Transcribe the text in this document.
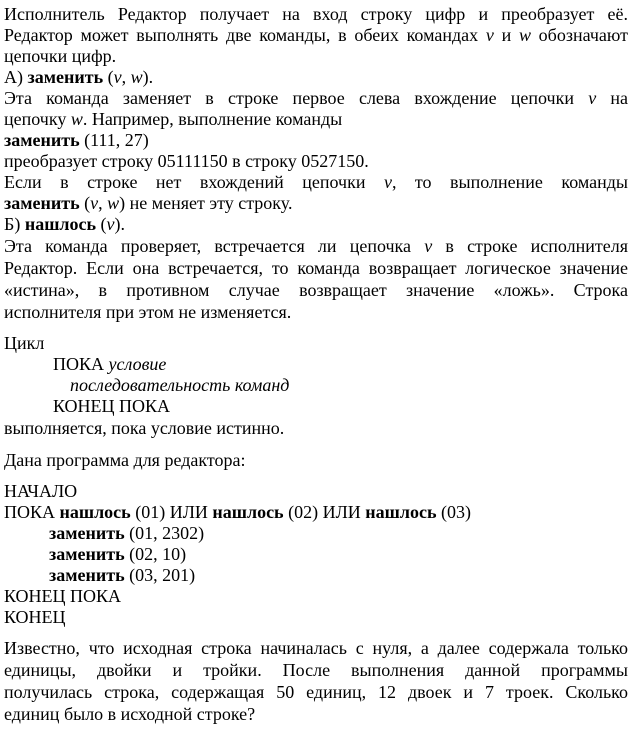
Исполнитель Редактор получает на вход строку цифр и преобразует её.
Редактор может выполнять две команды, в обеих командах v и w обозначают
цепочки цифр.
А) заменить (v, w).
Эта команда заменяет в строке первое слева вхождение цепочки v на
цепочку w. Например, выполнение команды
заменить (111, 27)
преобразует строку 05111150 в строку 0527150.
Если в строке нет вхождений цепочки v, то выполнение команды
заменить (v, w) не меняет эту строку.
Б) нашлось (v).
Эта команда проверяет, встречается ли цепочка v в строке исполнителя
Редактор. Если она встречается, то команда возвращает логическое значение
«истина», в противном случае возвращает значение «ложь». Строка
исполнителя при этом не изменяется.
Цикл
ПОКА условие
последовательность команд
КОНЕЦ ПОКА
выполняется, пока условие истинно.
Дана программа для редактора:
НАЧАЛО
ПОКА нашлось (01) ИЛИ нашлось (02) ИЛИ нашлось (03)
заменить (01, 2302)
заменить (02, 10)
заменить (03, 201)
КОНЕЦ ПОКА
КОНЕЦ
Известно, что исходная строка начиналась с нуля, а далее содержала только
единицы, двойки и тройки. После выполнения данной программы
получилась строка, содержащая 50 единиц, 12 двоек и 7 троек. Сколько
единиц было в исходной строке?
